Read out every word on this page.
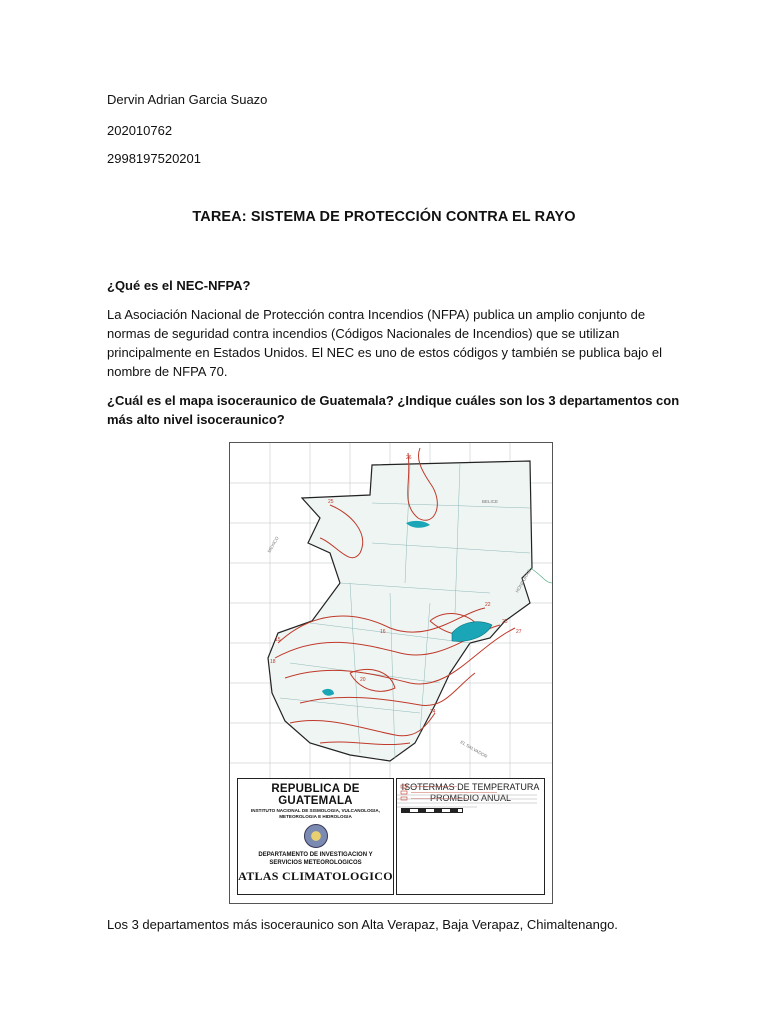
Dervin Adrian Garcia Suazo
202010762
2998197520201
TAREA: SISTEMA DE PROTECCIÓN CONTRA EL RAYO
¿Qué es el NEC-NFPA?
La Asociación Nacional de Protección contra Incendios (NFPA) publica un amplio conjunto de normas de seguridad contra incendios (Códigos Nacionales de Incendios) que se utilizan principalmente en Estados Unidos. El NEC es uno de estos códigos y también se publica bajo el nombre de NFPA 70.
¿Cuál es el mapa isoceraunico de Guatemala? ¿Indique cuáles son los 3 departamentos con más alto nivel isoceraunico?
26
25
15
18
22
25
27
16
20
24
MEXICO
BELICE
HONDURAS
EL SALVADOR
REPUBLICA DE GUATEMALA
INSTITUTO NACIONAL DE SISMOLOGIA, VULCANOLOGIA, METEOROLOGIA E HIDROLOGIA
DEPARTAMENTO DE INVESTIGACION Y SERVICIOS METEOROLOGICOS
ATLAS CLIMATOLOGICO
ISOTERMAS DE TEMPERATURA PROMEDIO ANUAL
Los 3 departamentos más isoceraunico son Alta Verapaz, Baja Verapaz, Chimaltenango.
